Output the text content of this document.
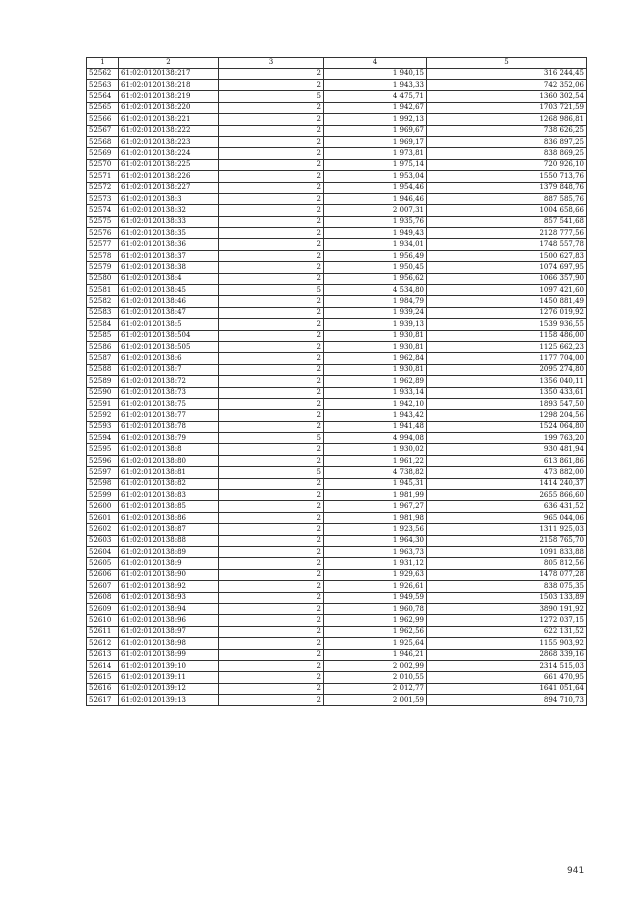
1	2	3	4	5
52562	61:02:0120138:217	2	1 940,15	316 244,45
52563	61:02:0120138:218	2	1 943,33	742 352,06
52564	61:02:0120138:219	5	4 475,71	1360 302,54
52565	61:02:0120138:220	2	1 942,67	1703 721,59
52566	61:02:0120138:221	2	1 992,13	1268 986,81
52567	61:02:0120138:222	2	1 969,67	738 626,25
52568	61:02:0120138:223	2	1 969,17	836 897,25
52569	61:02:0120138:224	2	1 973,81	838 869,25
52570	61:02:0120138:225	2	1 975,14	720 926,10
52571	61:02:0120138:226	2	1 953,04	1550 713,76
52572	61:02:0120138:227	2	1 954,46	1379 848,76
52573	61:02:0120138:3	2	1 946,46	887 585,76
52574	61:02:0120138:32	2	2 007,31	1004 658,66
52575	61:02:0120138:33	2	1 935,76	857 541,68
52576	61:02:0120138:35	2	1 949,43	2128 777,56
52577	61:02:0120138:36	2	1 934,01	1748 557,78
52578	61:02:0120138:37	2	1 956,49	1500 627,83
52579	61:02:0120138:38	2	1 950,45	1074 697,95
52580	61:02:0120138:4	2	1 956,62	1066 357,90
52581	61:02:0120138:45	5	4 534,80	1097 421,60
52582	61:02:0120138:46	2	1 984,79	1450 881,49
52583	61:02:0120138:47	2	1 939,24	1276 019,92
52584	61:02:0120138:5	2	1 939,13	1539 936,55
52585	61:02:0120138:504	2	1 930,81	1158 486,00
52586	61:02:0120138:505	2	1 930,81	1125 662,23
52587	61:02:0120138:6	2	1 962,84	1177 704,00
52588	61:02:0120138:7	2	1 930,81	2095 274,80
52589	61:02:0120138:72	2	1 962,89	1356 040,11
52590	61:02:0120138:73	2	1 933,14	1350 433,61
52591	61:02:0120138:75	2	1 942,10	1893 547,50
52592	61:02:0120138:77	2	1 943,42	1298 204,56
52593	61:02:0120138:78	2	1 941,48	1524 064,80
52594	61:02:0120138:79	5	4 994,08	199 763,20
52595	61:02:0120138:8	2	1 930,02	930 481,94
52596	61:02:0120138:80	2	1 961,22	613 861,86
52597	61:02:0120138:81	5	4 738,82	473 882,00
52598	61:02:0120138:82	2	1 945,31	1414 240,37
52599	61:02:0120138:83	2	1 981,99	2655 866,60
52600	61:02:0120138:85	2	1 967,27	636 431,52
52601	61:02:0120138:86	2	1 981,98	965 044,06
52602	61:02:0120138:87	2	1 923,56	1311 925,03
52603	61:02:0120138:88	2	1 964,30	2158 765,70
52604	61:02:0120138:89	2	1 963,73	1091 833,88
52605	61:02:0120138:9	2	1 931,12	805 812,56
52606	61:02:0120138:90	2	1 929,63	1478 077,28
52607	61:02:0120138:92	2	1 926,61	838 075,35
52608	61:02:0120138:93	2	1 949,59	1503 133,89
52609	61:02:0120138:94	2	1 960,78	3890 191,92
52610	61:02:0120138:96	2	1 962,99	1272 037,15
52611	61:02:0120138:97	2	1 962,56	622 131,52
52612	61:02:0120138:98	2	1 925,64	1155 903,92
52613	61:02:0120138:99	2	1 946,21	2868 339,16
52614	61:02:0120139:10	2	2 002,99	2314 515,03
52615	61:02:0120139:11	2	2 010,55	661 470,95
52616	61:02:0120139:12	2	2 012,77	1641 051,64
52617	61:02:0120139:13	2	2 001,59	894 710,73
941
